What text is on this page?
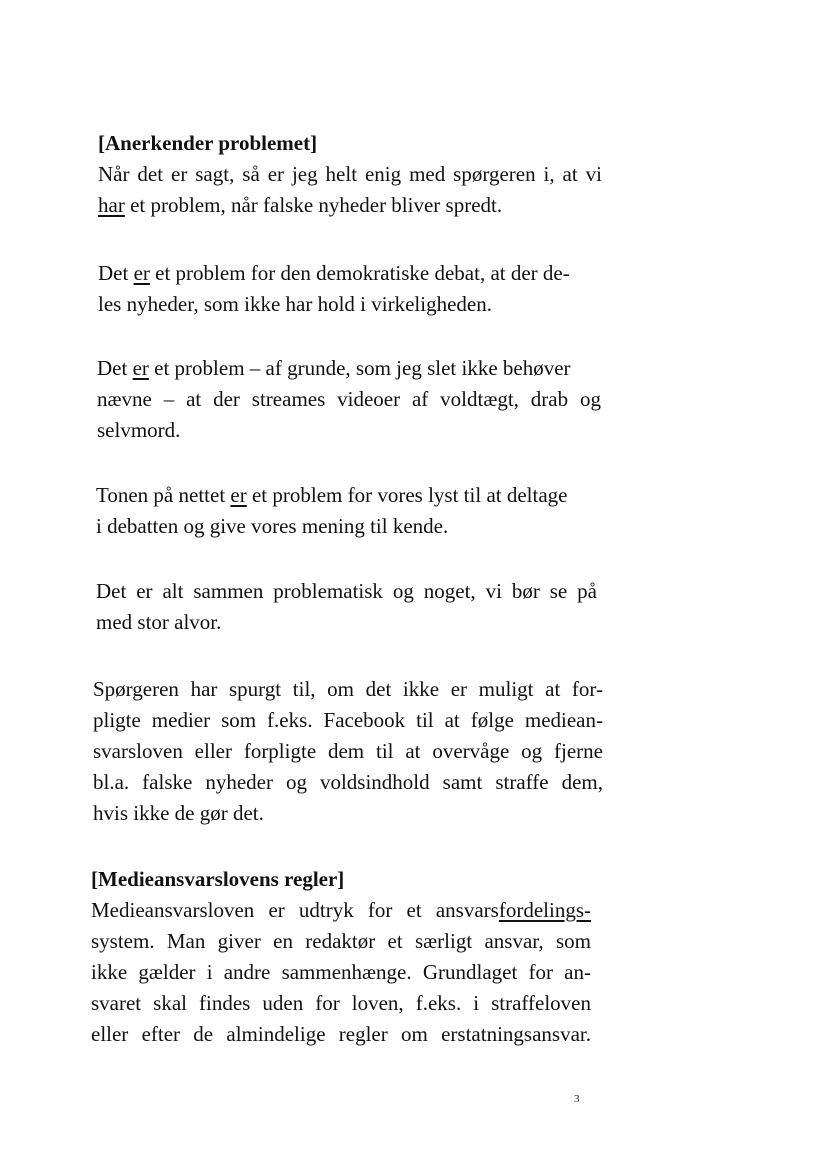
[Anerkender problemet]
Når det er sagt, så er jeg helt enig med spørgeren i, at vi
har et problem, når falske nyheder bliver spredt.
Det er et problem for den demokratiske debat, at der de-
les nyheder, som ikke har hold i virkeligheden.
Det er et problem – af grunde, som jeg slet ikke behøver
nævne – at der streames videoer af voldtægt, drab og
selvmord.
Tonen på nettet er et problem for vores lyst til at deltage
i debatten og give vores mening til kende.
Det er alt sammen problematisk og noget, vi bør se på
med stor alvor.
Spørgeren har spurgt til, om det ikke er muligt at for-
pligte medier som f.eks. Facebook til at følge mediean-
svarsloven eller forpligte dem til at overvåge og fjerne
bl.a. falske nyheder og voldsindhold samt straffe dem,
hvis ikke de gør det.
[Medieansvarslovens regler]
Medieansvarsloven er udtryk for et ansvarsfordelings-
system. Man giver en redaktør et særligt ansvar, som
ikke gælder i andre sammenhænge. Grundlaget for an-
svaret skal findes uden for loven, f.eks. i straffeloven
eller efter de almindelige regler om erstatningsansvar.
3
